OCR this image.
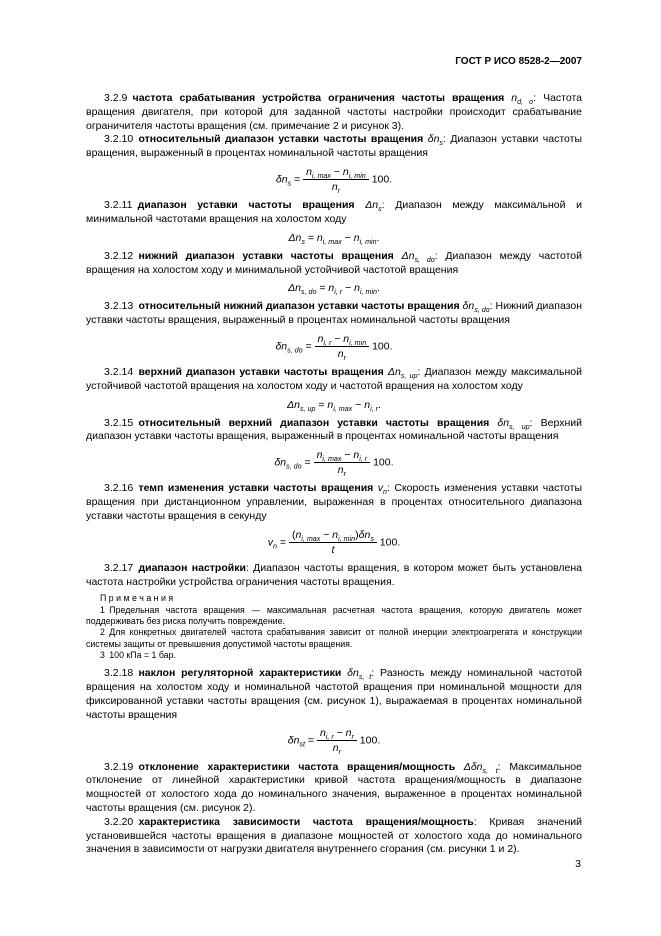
ГОСТ Р ИСО 8528-2—2007

3.2.9 частота срабатывания устройства ограничения частоты вращения $n_{d, o}$: Частота вращения двигателя, при которой для заданной частоты настройки происходит срабатывание ограничителя частоты вращения (см. примечание 2 и рисунок 3).

3.2.10 относительный диапазон уставки частоты вращения $\delta n_s$: Диапазон уставки частоты вращения, выраженный в процентах номинальной частоты вращения

$\delta n_s = \frac{n_{i, max} - n_{i, min}}{n_r} 100$.

3.2.11 диапазон уставки частоты вращения $\Delta n_s$: Диапазон между максимальной и минимальной частотами вращения на холостом ходу

$\Delta n_s = n_{i, max} - n_{i, min}$.

3.2.12 нижний диапазон уставки частоты вращения $\Delta n_{s, do}$: Диапазон между частотой вращения на холостом ходу и минимальной устойчивой частотой вращения

$\Delta n_{s, do} = n_{i, r} - n_{i, min}$.

3.2.13 относительный нижний диапазон уставки частоты вращения $\delta n_{s, do}$: Нижний диапазон уставки частоты вращения, выраженный в процентах номинальной частоты вращения

$\delta n_{s, do} = \frac{n_{i, r} - n_{i, min}}{n_r} 100$.

3.2.14 верхний диапазон уставки частоты вращения $\Delta n_{s, up}$: Диапазон между максимальной устойчивой частотой вращения на холостом ходу и частотой вращения на холостом ходу

$\Delta n_{s, up} = n_{i, max} - n_{i, r}$.

3.2.15 относительный верхний диапазон уставки частоты вращения $\delta n_{s, up}$: Верхний диапазон уставки частоты вращения, выраженный в процентах номинальной частоты вращения

$\delta n_{s, do} = \frac{n_{i, max} - n_{i, r}}{n_r} 100$.

3.2.16 темп изменения уставки частоты вращения $v_n$: Скорость изменения уставки частоты вращения при дистанционном управлении, выраженная в процентах относительного диапазона уставки частоты вращения в секунду

$v_n = \frac{(n_{i, max} - n_{i, min})\delta n_s}{t} 100$.

3.2.17 диапазон настройки: Диапазон частоты вращения, в котором может быть установлена частота настройки устройства ограничения частоты вращения.

П р и м е ч а н и я

1 Предельная частота вращения — максимальная расчетная частота вращения, которую двигатель может поддерживать без риска получить повреждение.

2 Для конкретных двигателей частота срабатывания зависит от полной инерции электроагрегата и конструкции системы защиты от превышения допустимой частоты вращения.

3 100 кПа = 1 бар.

3.2.18 наклон регуляторной характеристики $\delta n_{s, t}$: Разность между номинальной частотой вращения на холостом ходу и номинальной частотой вращения при номинальной мощности для фиксированной уставки частоты вращения (см. рисунок 1), выражаемая в процентах номинальной частоты вращения

$\delta n_{st} = \frac{n_{i, r} - n_r}{n_r} 100$.

3.2.19 отклонение характеристики частота вращения/мощность Δδn$_{s, t}$: Максимальное отклонение от линейной характеристики кривой частота вращения/мощность в диапазоне мощностей от холостого хода до номинального значения, выраженное в процентах номинальной частоты вращения (см. рисунок 2).

3.2.20 характеристика зависимости частота вращения/мощность: Кривая значений установившейся частоты вращения в диапазоне мощностей от холостого хода до номинального значения в зависимости от нагрузки двигателя внутреннего сгорания (см. рисунки 1 и 2).

3
